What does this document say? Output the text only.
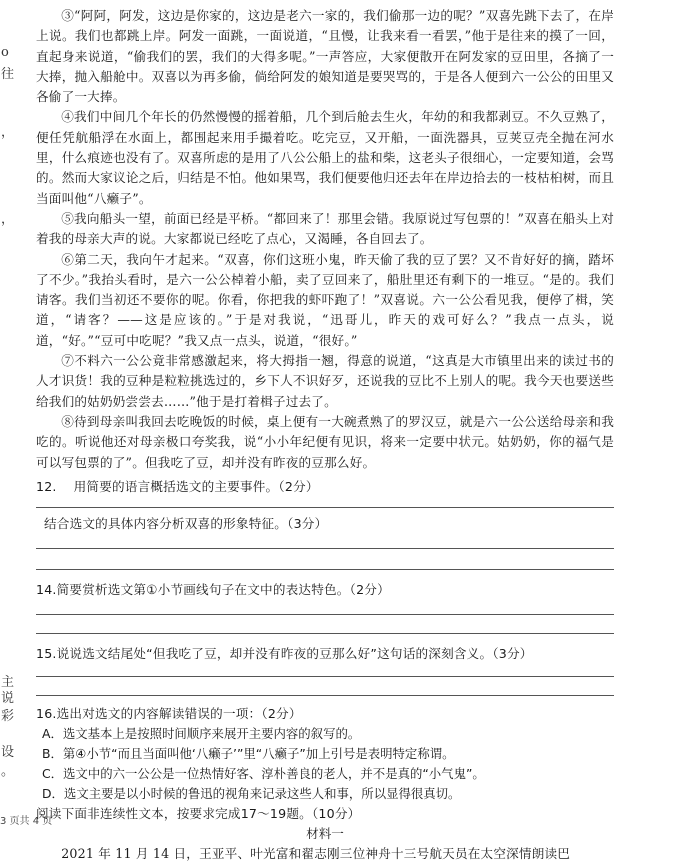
o
往
，
，
主
说
彩
设
。

③“阿阿，阿发，这边是你家的，这边是老六一家的，我们偷那一边的呢？”双喜先跳下去了，在岸上说。我们也都跳上岸。阿发一面跳，一面说道，“且慢，让我来看一看罢，”他于是往来的摸了一回，直起身来说道，“偷我们的罢，我们的大得多呢。”一声答应，大家便散开在阿发家的豆田里，各摘了一大捧，抛入船舱中。双喜以为再多偷，倘给阿发的娘知道是要哭骂的，于是各人便到六一公公的田里又各偷了一大捧。

④我们中间几个年长的仍然慢慢的摇着船，几个到后舱去生火，年幼的和我都剥豆。不久豆熟了，便任凭航船浮在水面上，都围起来用手撮着吃。吃完豆，又开船，一面洗器具，豆荚豆壳全抛在河水里，什么痕迹也没有了。双喜所虑的是用了八公公船上的盐和柴，这老头子很细心，一定要知道，会骂的。然而大家议论之后，归结是不怕。他如果骂，我们便要他归还去年在岸边拾去的一枝枯桕树，而且当面叫他“八癞子”。

⑤我向船头一望，前面已经是平桥。“都回来了！那里会错。我原说过写包票的！”双喜在船头上对着我的母亲大声的说。大家都说已经吃了点心，又渴睡，各自回去了。

⑥第二天，我向午才起来。“双喜，你们这班小鬼，昨天偷了我的豆了罢？又不肯好好的摘，踏坏了不少。”我抬头看时，是六一公公棹着小船，卖了豆回来了，船肚里还有剩下的一堆豆。“是的。我们请客。我们当初还不要你的呢。你看，你把我的虾吓跑了！”双喜说。六一公公看见我，便停了楫，笑道，“请客？——这是应该的。”于是对我说，“迅哥儿，昨天的戏可好么？”我点一点头，说道，“好。”“豆可中吃呢？”我又点一点头，说道，“很好。”

⑦不料六一公公竟非常感激起来，将大拇指一翘，得意的说道，“这真是大市镇里出来的读过书的人才识货！我的豆种是粒粒挑选过的，乡下人不识好歹，还说我的豆比不上别人的呢。我今天也要送些给我们的姑奶奶尝尝去……”他于是打着楫子过去了。

⑧待到母亲叫我回去吃晚饭的时候，桌上便有一大碗煮熟了的罗汉豆，就是六一公公送给母亲和我吃的。听说他还对母亲极口夸奖我，说“小小年纪便有见识，将来一定要中状元。姑奶奶，你的福气是可以写包票的了”。但我吃了豆，却并没有昨夜的豆那么好。

12.　 用简要的语言概括选文的主要事件。（2分）

结合选文的具体内容分析双喜的形象特征。（3分）

14.简要赏析选文第①小节画线句子在文中的表达特色。（2分）

15.说说选文结尾处“但我吃了豆，却并没有昨夜的豆那么好”这句话的深刻含义。（3分）

16.选出对选文的内容解读错误的一项：（2分）

A．选文基本上是按照时间顺序来展开主要内容的叙写的。

B．第④小节“而且当面叫他‘八癞子’”里“八癞子”加上引号是表明特定称谓。

C．选文中的六一公公是一位热情好客、淳朴善良的老人，并不是真的“小气鬼”。

D．选文主要是以小时候的鲁迅的视角来记录这些人和事，所以显得很真切。

阅读下面非连续性文本，按要求完成17～19题。（10分）

材料一

2021 年 11 月 14 日，王亚平、叶光富和翟志刚三位神舟十三号航天员在太空深情朗读巴

3 页共 4 页
